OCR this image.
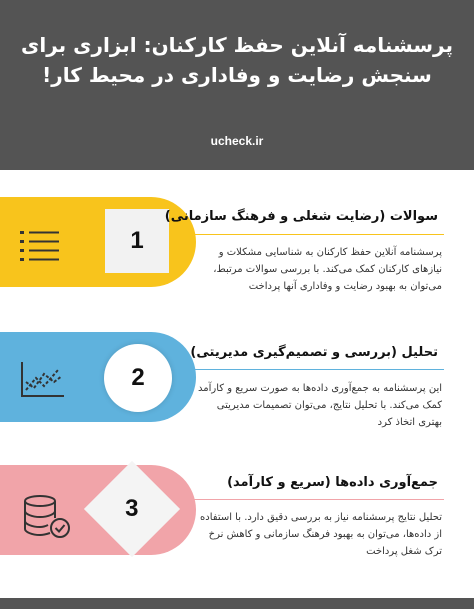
پرسشنامه آنلاین حفظ کارکنان: ابزاری برای سنجش رضایت و وفاداری در محیط کار!
ucheck.ir
1
سوالات (رضایت شغلی و فرهنگ سازمانی)
پرسشنامه آنلاین حفظ کارکنان به شناسایی مشکلات و نیازهای کارکنان کمک می‌کند. با بررسی سوالات مرتبط، می‌توان به بهبود رضایت و وفاداری آنها پرداخت
2
تحلیل (بررسی و تصمیم‌گیری مدیریتی)
این پرسشنامه به جمع‌آوری داده‌ها به صورت سریع و کارآمد کمک می‌کند. با تحلیل نتایج، می‌توان تصمیمات مدیریتی بهتری اتخاذ کرد
3
جمع‌آوری داده‌ها (سریع و کارآمد)
تحلیل نتایج پرسشنامه نیاز به بررسی دقیق دارد. با استفاده از داده‌ها، می‌توان به بهبود فرهنگ سازمانی و کاهش نرخ ترک شغل پرداخت
